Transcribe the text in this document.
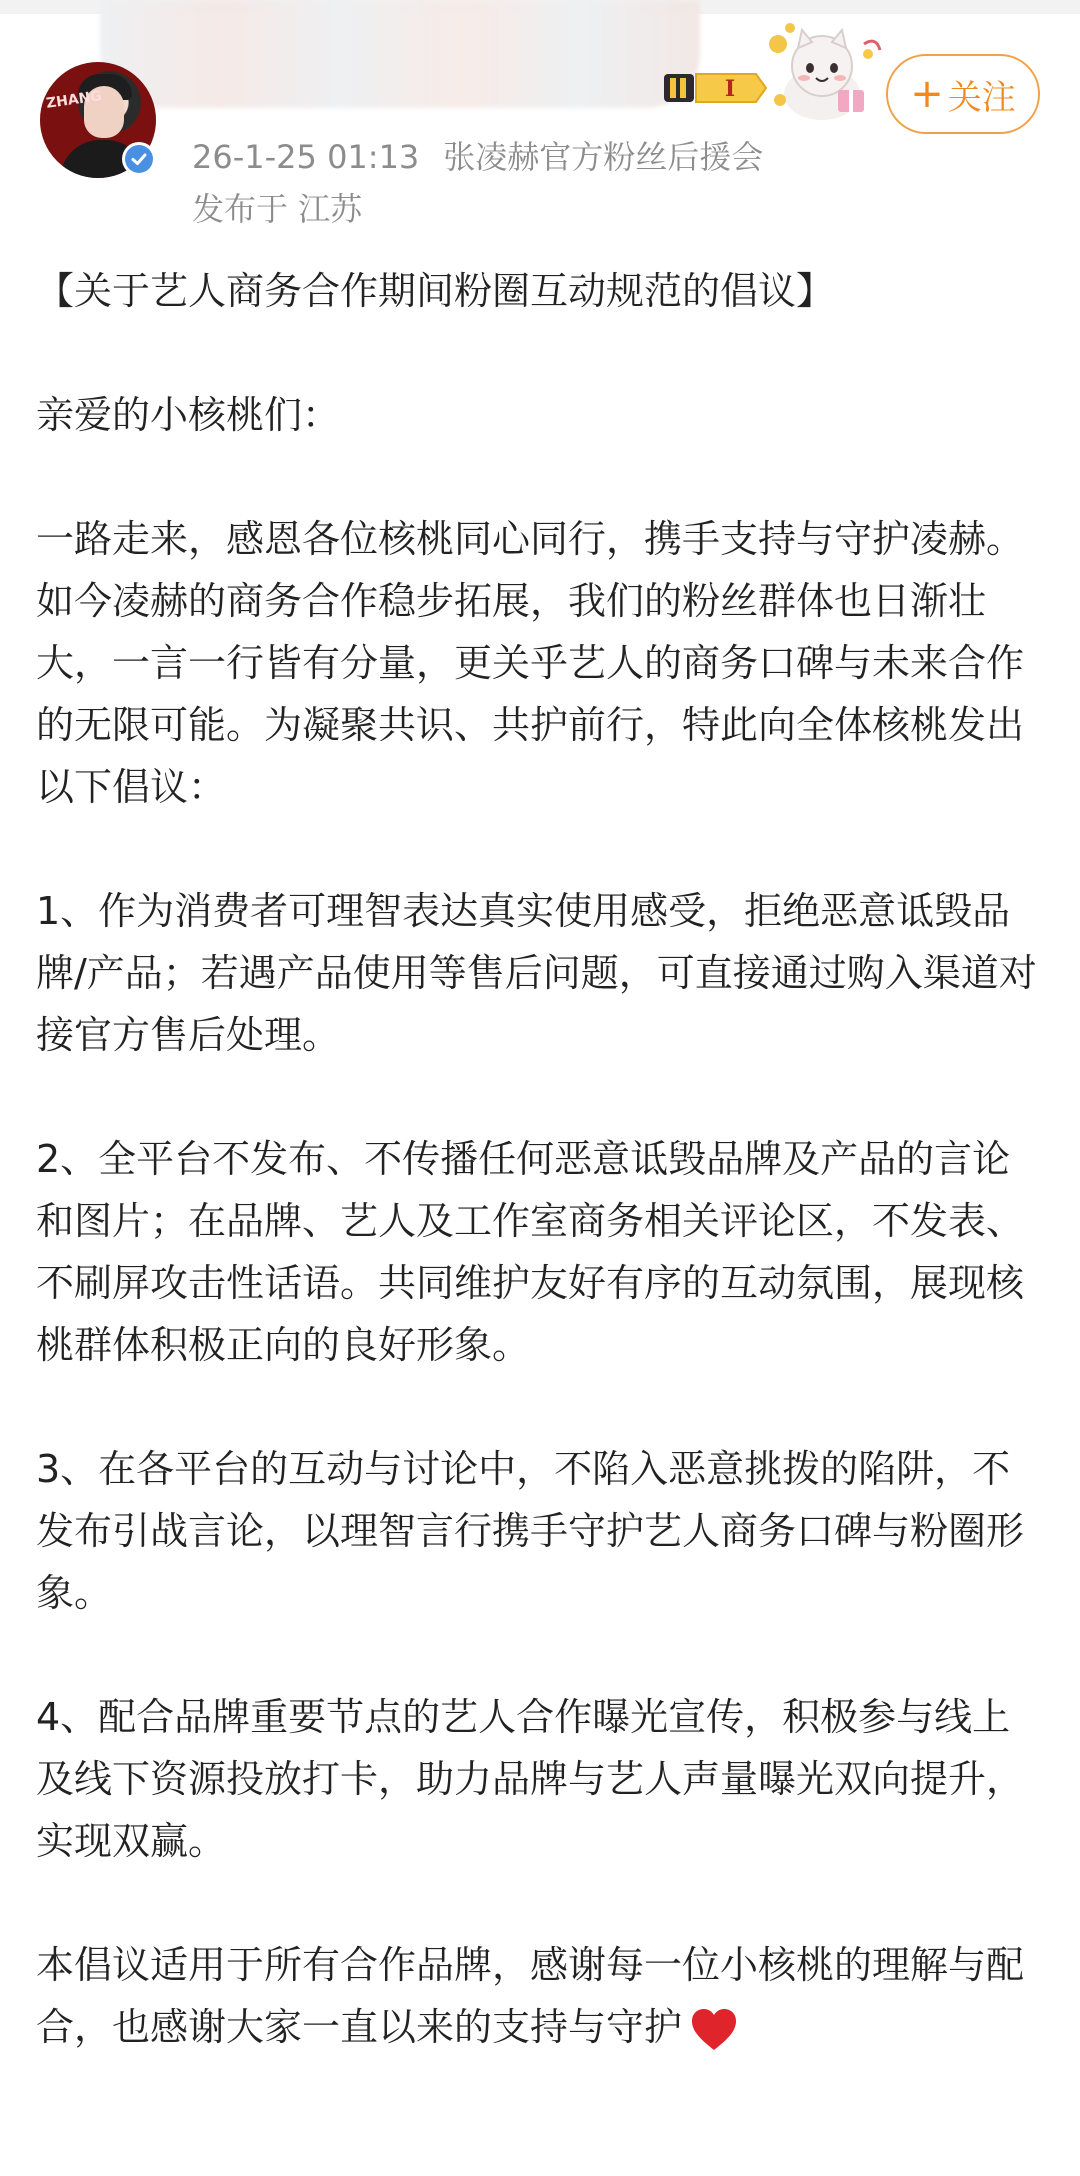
ZHANG	I	+ 关注
26-1-25 01:13 张凌赫官方粉丝后援会
发布于 江苏

【关于艺人商务合作期间粉圈互动规范的倡议】

亲爱的小核桃们：

一路走来，感恩各位核桃同心同行，携手支持与守护凌赫。如今凌赫的商务合作稳步拓展，我们的粉丝群体也日渐壮大，一言一行皆有分量，更关乎艺人的商务口碑与未来合作的无限可能。为凝聚共识、共护前行，特此向全体核桃发出以下倡议：

1、作为消费者可理智表达真实使用感受，拒绝恶意诋毁品牌/产品；若遇产品使用等售后问题，可直接通过购入渠道对接官方售后处理。

2、全平台不发布、不传播任何恶意诋毁品牌及产品的言论和图片；在品牌、艺人及工作室商务相关评论区，不发表、不刷屏攻击性话语。共同维护友好有序的互动氛围，展现核桃群体积极正向的良好形象。

3、在各平台的互动与讨论中，不陷入恶意挑拨的陷阱，不发布引战言论，以理智言行携手守护艺人商务口碑与粉圈形象。

4、配合品牌重要节点的艺人合作曝光宣传，积极参与线上及线下资源投放打卡，助力品牌与艺人声量曝光双向提升，实现双赢。

本倡议适用于所有合作品牌，感谢每一位小核桃的理解与配合，也感谢大家一直以来的支持与守护
